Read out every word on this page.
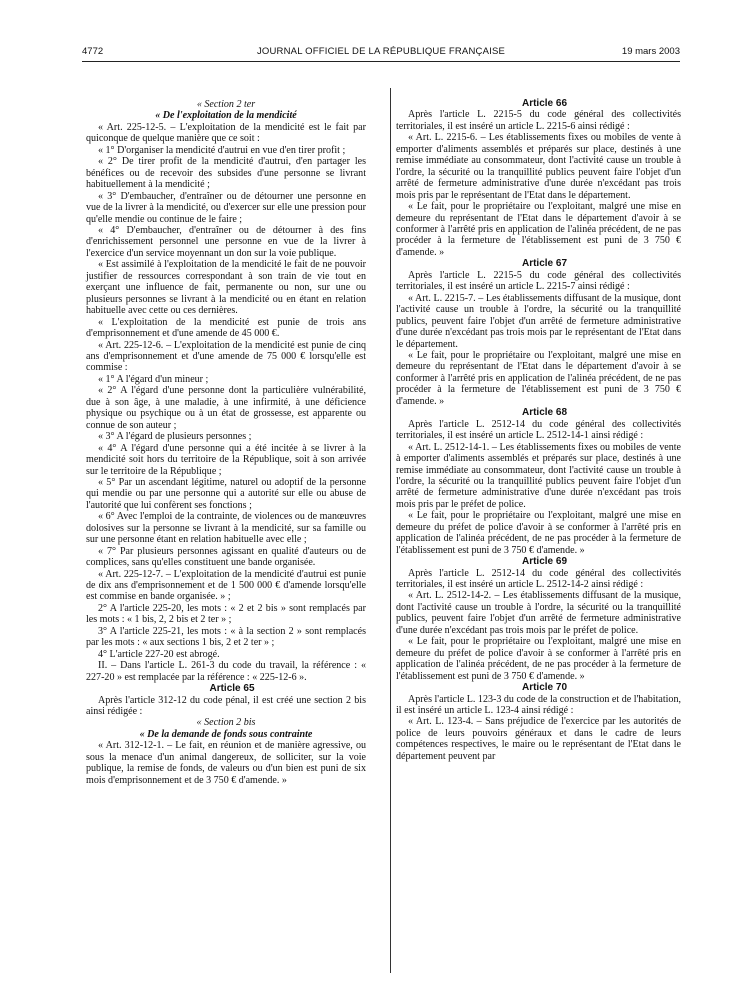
4772	JOURNAL OFFICIEL DE LA RÉPUBLIQUE FRANÇAISE	19 mars 2003

« Section 2 ter

« De l'exploitation de la mendicité

« Art. 225-12-5. – L'exploitation de la mendicité est le fait par quiconque de quelque manière que ce soit :

« 1° D'organiser la mendicité d'autrui en vue d'en tirer profit ;

« 2° De tirer profit de la mendicité d'autrui, d'en partager les bénéfices ou de recevoir des subsides d'une personne se livrant habituellement à la mendicité ;

« 3° D'embaucher, d'entraîner ou de détourner une personne en vue de la livrer à la mendicité, ou d'exercer sur elle une pression pour qu'elle mendie ou continue de le faire ;

« 4° D'embaucher, d'entraîner ou de détourner à des fins d'enrichissement personnel une personne en vue de la livrer à l'exercice d'un service moyennant un don sur la voie publique.

« Est assimilé à l'exploitation de la mendicité le fait de ne pouvoir justifier de ressources correspondant à son train de vie tout en exerçant une influence de fait, permanente ou non, sur une ou plusieurs personnes se livrant à la mendicité ou en étant en relation habituelle avec cette ou ces dernières.

« L'exploitation de la mendicité est punie de trois ans d'emprisonnement et d'une amende de 45 000 €.

« Art. 225-12-6. – L'exploitation de la mendicité est punie de cinq ans d'emprisonnement et d'une amende de 75 000 € lorsqu'elle est commise :

« 1° A l'égard d'un mineur ;

« 2° A l'égard d'une personne dont la particulière vulnérabilité, due à son âge, à une maladie, à une infirmité, à une déficience physique ou psychique ou à un état de grossesse, est apparente ou connue de son auteur ;

« 3° A l'égard de plusieurs personnes ;

« 4° A l'égard d'une personne qui a été incitée à se livrer à la mendicité soit hors du territoire de la République, soit à son arrivée sur le territoire de la République ;

« 5° Par un ascendant légitime, naturel ou adoptif de la personne qui mendie ou par une personne qui a autorité sur elle ou abuse de l'autorité que lui confèrent ses fonctions ;

« 6° Avec l'emploi de la contrainte, de violences ou de manœuvres dolosives sur la personne se livrant à la mendicité, sur sa famille ou sur une personne étant en relation habituelle avec elle ;

« 7° Par plusieurs personnes agissant en qualité d'auteurs ou de complices, sans qu'elles constituent une bande organisée.

« Art. 225-12-7. – L'exploitation de la mendicité d'autrui est punie de dix ans d'emprisonnement et de 1 500 000 € d'amende lorsqu'elle est commise en bande organisée. » ;

2° A l'article 225-20, les mots : « 2 et 2 bis » sont remplacés par les mots : « 1 bis, 2, 2 bis et 2 ter » ;

3° A l'article 225-21, les mots : « à la section 2 » sont remplacés par les mots : « aux sections 1 bis, 2 et 2 ter » ;

4° L'article 227-20 est abrogé.

II. – Dans l'article L. 261-3 du code du travail, la référence : « 227-20 » est remplacée par la référence : « 225-12-6 ».

Article 65

Après l'article 312-12 du code pénal, il est créé une section 2 bis ainsi rédigée :

« Section 2 bis

« De la demande de fonds sous contrainte

« Art. 312-12-1. – Le fait, en réunion et de manière agressive, ou sous la menace d'un animal dangereux, de solliciter, sur la voie publique, la remise de fonds, de valeurs ou d'un bien est puni de six mois d'emprisonnement et de 3 750 € d'amende. »

Article 66

Après l'article L. 2215-5 du code général des collectivités territoriales, il est inséré un article L. 2215-6 ainsi rédigé :

« Art. L. 2215-6. – Les établissements fixes ou mobiles de vente à emporter d'aliments assemblés et préparés sur place, destinés à une remise immédiate au consommateur, dont l'activité cause un trouble à l'ordre, la sécurité ou la tranquillité publics peuvent faire l'objet d'un arrêté de fermeture administrative d'une durée n'excédant pas trois mois pris par le représentant de l'Etat dans le département.

« Le fait, pour le propriétaire ou l'exploitant, malgré une mise en demeure du représentant de l'Etat dans le département d'avoir à se conformer à l'arrêté pris en application de l'alinéa précédent, de ne pas procéder à la fermeture de l'établissement est puni de 3 750 € d'amende. »

Article 67

Après l'article L. 2215-5 du code général des collectivités territoriales, il est inséré un article L. 2215-7 ainsi rédigé :

« Art. L. 2215-7. – Les établissements diffusant de la musique, dont l'activité cause un trouble à l'ordre, la sécurité ou la tranquillité publics, peuvent faire l'objet d'un arrêté de fermeture administrative d'une durée n'excédant pas trois mois par le représentant de l'Etat dans le département.

« Le fait, pour le propriétaire ou l'exploitant, malgré une mise en demeure du représentant de l'Etat dans le département d'avoir à se conformer à l'arrêté pris en application de l'alinéa précédent, de ne pas procéder à la fermeture de l'établissement est puni de 3 750 € d'amende. »

Article 68

Après l'article L. 2512-14 du code général des collectivités territoriales, il est inséré un article L. 2512-14-1 ainsi rédigé :

« Art. L. 2512-14-1. – Les établissements fixes ou mobiles de vente à emporter d'aliments assemblés et préparés sur place, destinés à une remise immédiate au consommateur, dont l'activité cause un trouble à l'ordre, la sécurité ou la tranquillité publics peuvent faire l'objet d'un arrêté de fermeture administrative d'une durée n'excédant pas trois mois pris par le préfet de police.

« Le fait, pour le propriétaire ou l'exploitant, malgré une mise en demeure du préfet de police d'avoir à se conformer à l'arrêté pris en application de l'alinéa précédent, de ne pas procéder à la fermeture de l'établissement est puni de 3 750 € d'amende. »

Article 69

Après l'article L. 2512-14 du code général des collectivités territoriales, il est inséré un article L. 2512-14-2 ainsi rédigé :

« Art. L. 2512-14-2. – Les établissements diffusant de la musique, dont l'activité cause un trouble à l'ordre, la sécurité ou la tranquillité publics, peuvent faire l'objet d'un arrêté de fermeture administrative d'une durée n'excédant pas trois mois par le préfet de police.

« Le fait, pour le propriétaire ou l'exploitant, malgré une mise en demeure du préfet de police d'avoir à se conformer à l'arrêté pris en application de l'alinéa précédent, de ne pas procéder à la fermeture de l'établissement est puni de 3 750 € d'amende. »

Article 70

Après l'article L. 123-3 du code de la construction et de l'habitation, il est inséré un article L. 123-4 ainsi rédigé :

« Art. L. 123-4. – Sans préjudice de l'exercice par les autorités de police de leurs pouvoirs généraux et dans le cadre de leurs compétences respectives, le maire ou le représentant de l'Etat dans le département peuvent par
